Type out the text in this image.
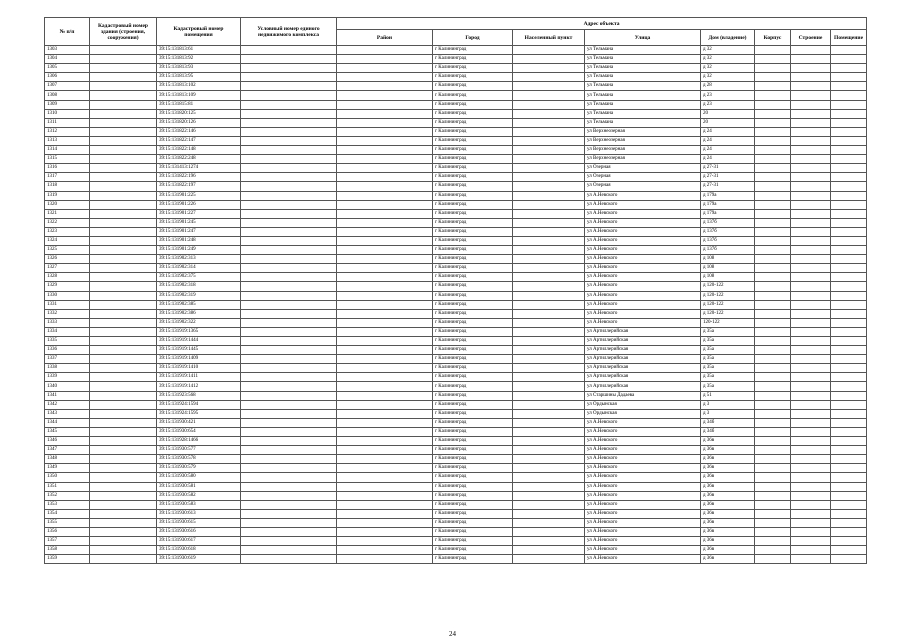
№ п/п	Кадастровый номер здания (строения, сооружения)	Кадастровый номер помещения	Условный номер единого недвижимого комплекса	Адрес объекта							
				Район	Город	Населенный пункт	Улица	Дом (владение)	Корпус	Строение	Помещение
1303		39:15:131813:61			г Калининград		ул Тельмана	д 32			
1304		39:15:131813:92			г Калининград		ул Тельмана	д 32			
1305		39:15:131813:93			г Калининград		ул Тельмана	д 32			
1306		39:15:131813:95			г Калининград		ул Тельмана	д 32			
1307		39:15:131813:102			г Калининград		ул Тельмана	д 28			
1308		39:15:131813:109			г Калининград		ул Тельмана	д 23			
1309		39:15:131815:81			г Калининград		ул Тельмана	д 23			
1310		39:15:131820:125			г Калининград		ул Тельмана	20			
1311		39:15:131820:126			г Калининград		ул Тельмана	20			
1312		39:15:131822:146			г Калининград		ул Верхнеозерная	д 24			
1313		39:15:131822:147			г Калининград		ул Верхнеозерная	д 24			
1314		39:15:131822:148			г Калининград		ул Верхнеозерная	д 24			
1315		39:15:131822:248			г Калининград		ул Верхнеозерная	д 24			
1316		39:15:131413:1274			г Калининград		ул Озерная	д 27-31			
1317		39:15:131822:196			г Калининград		ул Озерная	д 27-31			
1318		39:15:131822:197			г Калининград		ул Озерная	д 27-31			
1319		39:15:131901:225			г Калининград		ул А.Невского	д 179а			
1320		39:15:131901:226			г Калининград		ул А.Невского	д 179а			
1321		39:15:131901:227			г Калининград		ул А.Невского	д 179а			
1322		39:15:131901:245			г Калининград		ул А.Невского	д 137б			
1323		39:15:131901:247			г Калининград		ул А.Невского	д 137б			
1324		39:15:131901:248			г Калининград		ул А.Невского	д 137б			
1325		39:15:131901:249			г Калининград		ул А.Невского	д 137б			
1326		39:15:131902:313			г Калининград		ул А.Невского	д 108			
1327		39:15:131902:314			г Калининград		ул А.Невского	д 108			
1328		39:15:131902:375			г Калининград		ул А.Невского	д 108			
1329		39:15:131902:318			г Калининград		ул А.Невского	д 120-122			
1330		39:15:131902:319			г Калининград		ул А.Невского	д 120-122			
1331		39:15:131902:385			г Калининград		ул А.Невского	д 120-122			
1332		39:15:131902:386			г Калининград		ул А.Невского	д 120-122			
1333		39:15:131902:322			г Калининград		ул А.Невского	120-122			
1334		39:15:131919:1365			г Калининград		ул Артиллерийская	д 35а			
1335		39:15:131919:1444			г Калининград		ул Артиллерийская	д 35а			
1336		39:15:131919:1445			г Калининград		ул Артиллерийская	д 35а			
1337		39:15:131919:1409			г Калининград		ул Артиллерийская	д 35а			
1338		39:15:131919:1410			г Калининград		ул Артиллерийская	д 35а			
1339		39:15:131919:1411			г Калининград		ул Артиллерийская	д 35а			
1340		39:15:131919:1412			г Калининград		ул Артиллерийская	д 35а			
1341		39:15:131923:568			г Калининград		ул Старшины Дадаева	д 51			
1342		39:15:131924:1594			г Калининград		ул Ордынская	д 3			
1343		39:15:131924:1595			г Калининград		ул Ордынская	д 3			
1344		39:15:131930:421			г Калининград		ул А.Невского	д 34б			
1345		39:15:131930:654			г Калининград		ул А.Невского	д 34б			
1346		39:15:131928:1466			г Калининград		ул А.Невского	д 36в			
1347		39:15:131930:577			г Калининград		ул А.Невского	д 36в			
1348		39:15:131930:578			г Калининград		ул А.Невского	д 36в			
1349		39:15:131930:579			г Калининград		ул А.Невского	д 36в			
1350		39:15:131930:580			г Калининград		ул А.Невского	д 36в			
1351		39:15:131930:581			г Калининград		ул А.Невского	д 36в			
1352		39:15:131930:582			г Калининград		ул А.Невского	д 36в			
1353		39:15:131930:583			г Калининград		ул А.Невского	д 36в			
1354		39:15:131930:613			г Калининград		ул А.Невского	д 36в			
1355		39:15:131930:615			г Калининград		ул А.Невского	д 36в			
1356		39:15:131930:616			г Калининград		ул А.Невского	д 36в			
1357		39:15:131930:617			г Калининград		ул А.Невского	д 36в			
1358		39:15:131930:618			г Калининград		ул А.Невского	д 36в			
1359		39:15:131930:619			г Калининград		ул А.Невского	д 36в			
24
